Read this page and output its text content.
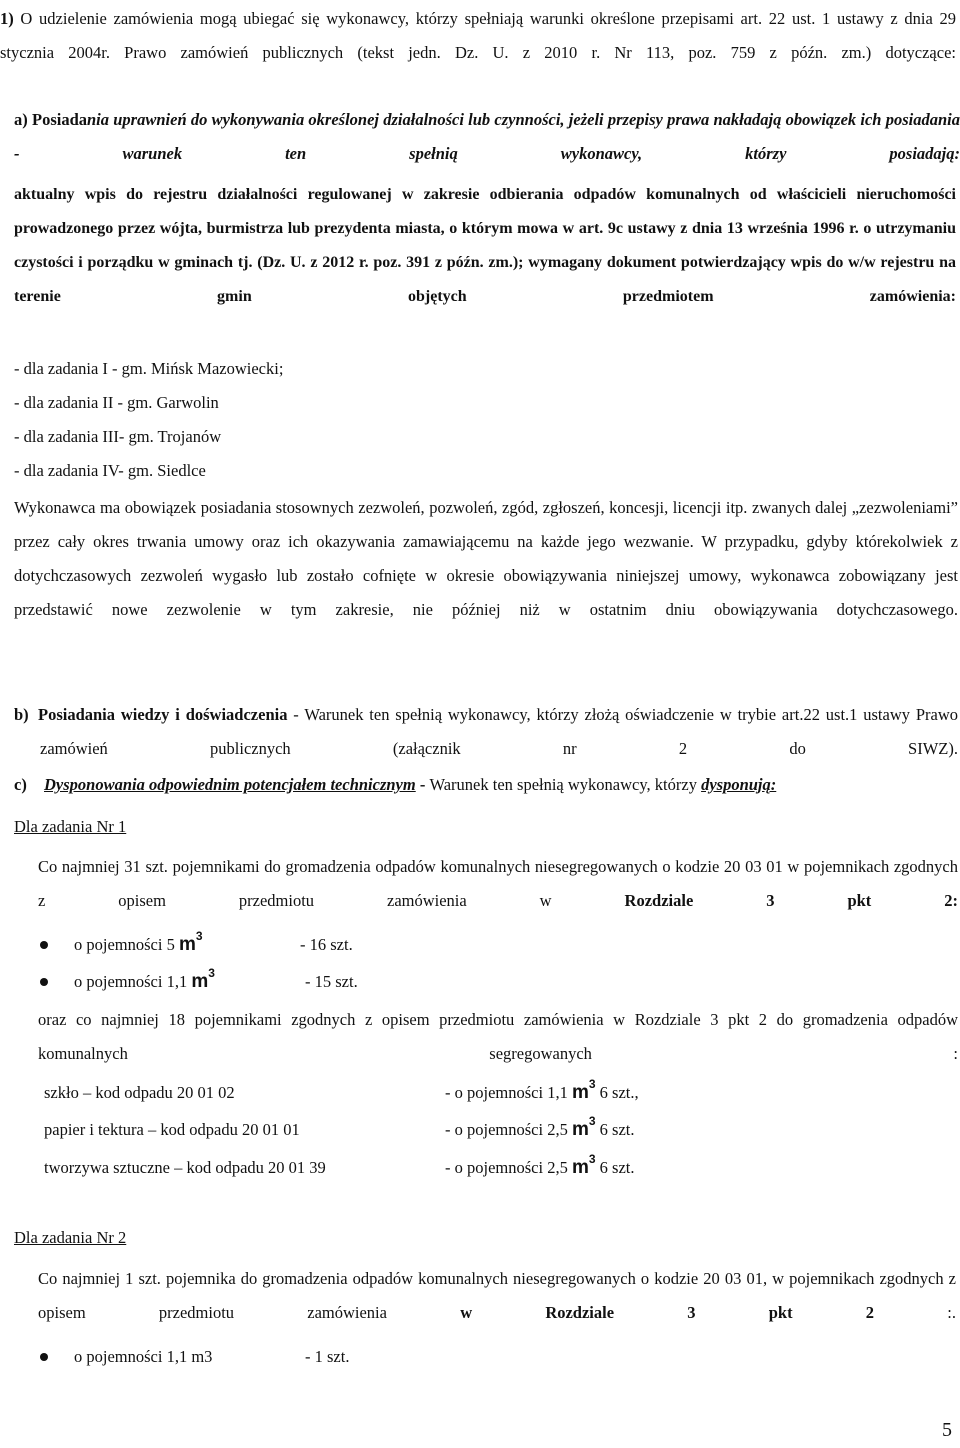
1) O udzielenie zamówienia mogą ubiegać się wykonawcy, którzy spełniają warunki określone przepisami art. 22 ust. 1 ustawy z dnia 29 stycznia 2004r. Prawo zamówień publicznych (tekst jedn. Dz. U. z 2010 r. Nr 113, poz. 759 z późn. zm.) dotyczące:
a) Posiadania uprawnień do wykonywania określonej działalności lub czynności, jeżeli przepisy prawa nakładają obowiązek ich posiadania - warunek ten spełnią wykonawcy, którzy posiadają:
aktualny wpis do rejestru działalności regulowanej w zakresie odbierania odpadów komunalnych od właścicieli nieruchomości prowadzonego przez wójta, burmistrza lub prezydenta miasta, o którym mowa w art. 9c ustawy z dnia 13 września 1996 r. o utrzymaniu czystości i porządku w gminach tj. (Dz. U. z 2012 r. poz. 391 z późn. zm.); wymagany dokument potwierdzający wpis do w/w rejestru na terenie gmin objętych przedmiotem zamówienia:
- dla zadania I - gm. Mińsk Mazowiecki;
- dla zadania II - gm. Garwolin
- dla zadania III- gm. Trojanów
- dla zadania IV- gm. Siedlce
Wykonawca ma obowiązek posiadania stosownych zezwoleń, pozwoleń, zgód, zgłoszeń, koncesji, licencji itp. zwanych dalej „zezwoleniami” przez cały okres trwania umowy oraz ich okazywania zamawiającemu na każde jego wezwanie. W przypadku, gdyby którekolwiek z dotychczasowych zezwoleń wygasło lub zostało cofnięte w okresie obowiązywania niniejszej umowy, wykonawca zobowiązany jest przedstawić nowe zezwolenie w tym zakresie, nie później niż w ostatnim dniu obowiązywania dotychczasowego.
b) Posiadania wiedzy i doświadczenia - Warunek ten spełnią wykonawcy, którzy złożą oświadczenie w trybie art.22 ust.1 ustawy Prawo zamówień publicznych (załącznik nr 2 do SIWZ).
c) Dysponowania odpowiednim potencjałem technicznym - Warunek ten spełnią wykonawcy, którzy dysponują:
Dla zadania Nr 1
Co najmniej 31 szt. pojemnikami do gromadzenia odpadów komunalnych niesegregowanych o kodzie 20 03 01 w pojemnikach zgodnych z opisem przedmiotu zamówienia w Rozdziale 3 pkt 2:
o pojemności 5 $m^3$	- 16 szt.
o pojemności 1,1 $m^3$	- 15 szt.
oraz co najmniej 18 pojemnikami zgodnych z opisem przedmiotu zamówienia w Rozdziale 3 pkt 2 do gromadzenia odpadów komunalnych segregowanych :
szkło – kod odpadu 20 01 02	- o pojemności 1,1 $m^3$ 6 szt.,
papier i tektura – kod odpadu 20 01 01	- o pojemności 2,5 $m^3$ 6 szt.
tworzywa sztuczne – kod odpadu 20 01 39	- o pojemności 2,5 $m^3$ 6 szt.
Dla zadania Nr 2
Co najmniej 1 szt. pojemnika do gromadzenia odpadów komunalnych niesegregowanych o kodzie 20 03 01, w pojemnikach zgodnych z opisem przedmiotu zamówienia w Rozdziale 3 pkt 2 :.
o pojemności 1,1 m3	- 1 szt.
5
